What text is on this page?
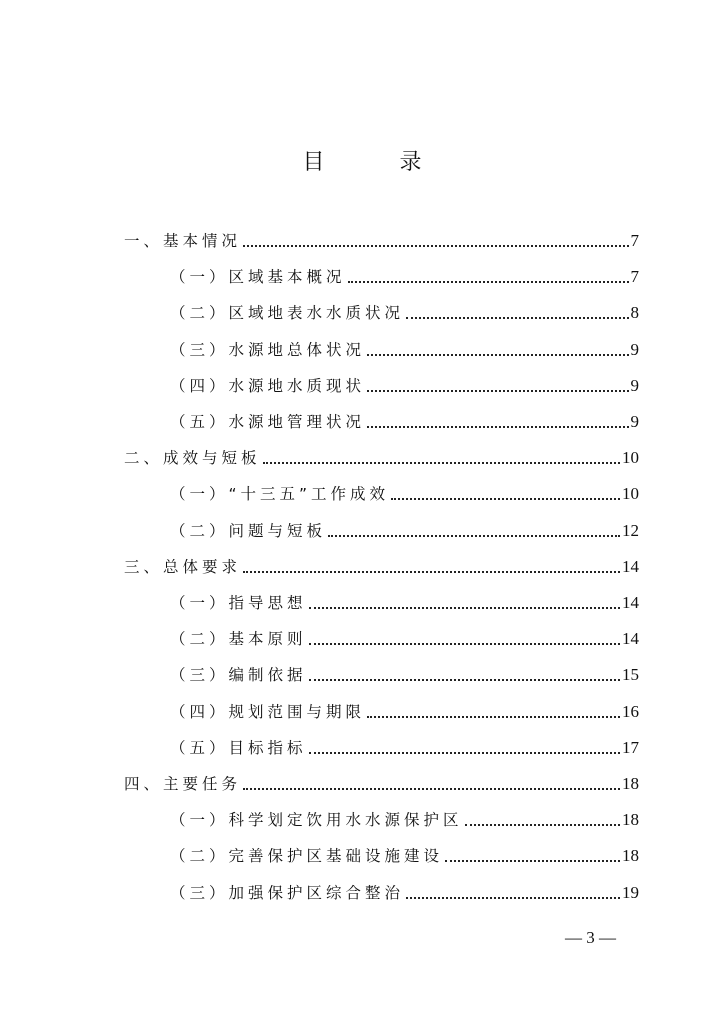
目 录
一、基本情况	7
（一）区域基本概况	7
（二）区域地表水水质状况	8
（三）水源地总体状况	9
（四）水源地水质现状	9
（五）水源地管理状况	9
二、成效与短板	10
（一）“十三五”工作成效	10
（二）问题与短板	12
三、总体要求	14
（一）指导思想	14
（二）基本原则	14
（三）编制依据	15
（四）规划范围与期限	16
（五）目标指标	17
四、主要任务	18
（一）科学划定饮用水水源保护区	18
（二）完善保护区基础设施建设	18
（三）加强保护区综合整治	19
— 3 —
